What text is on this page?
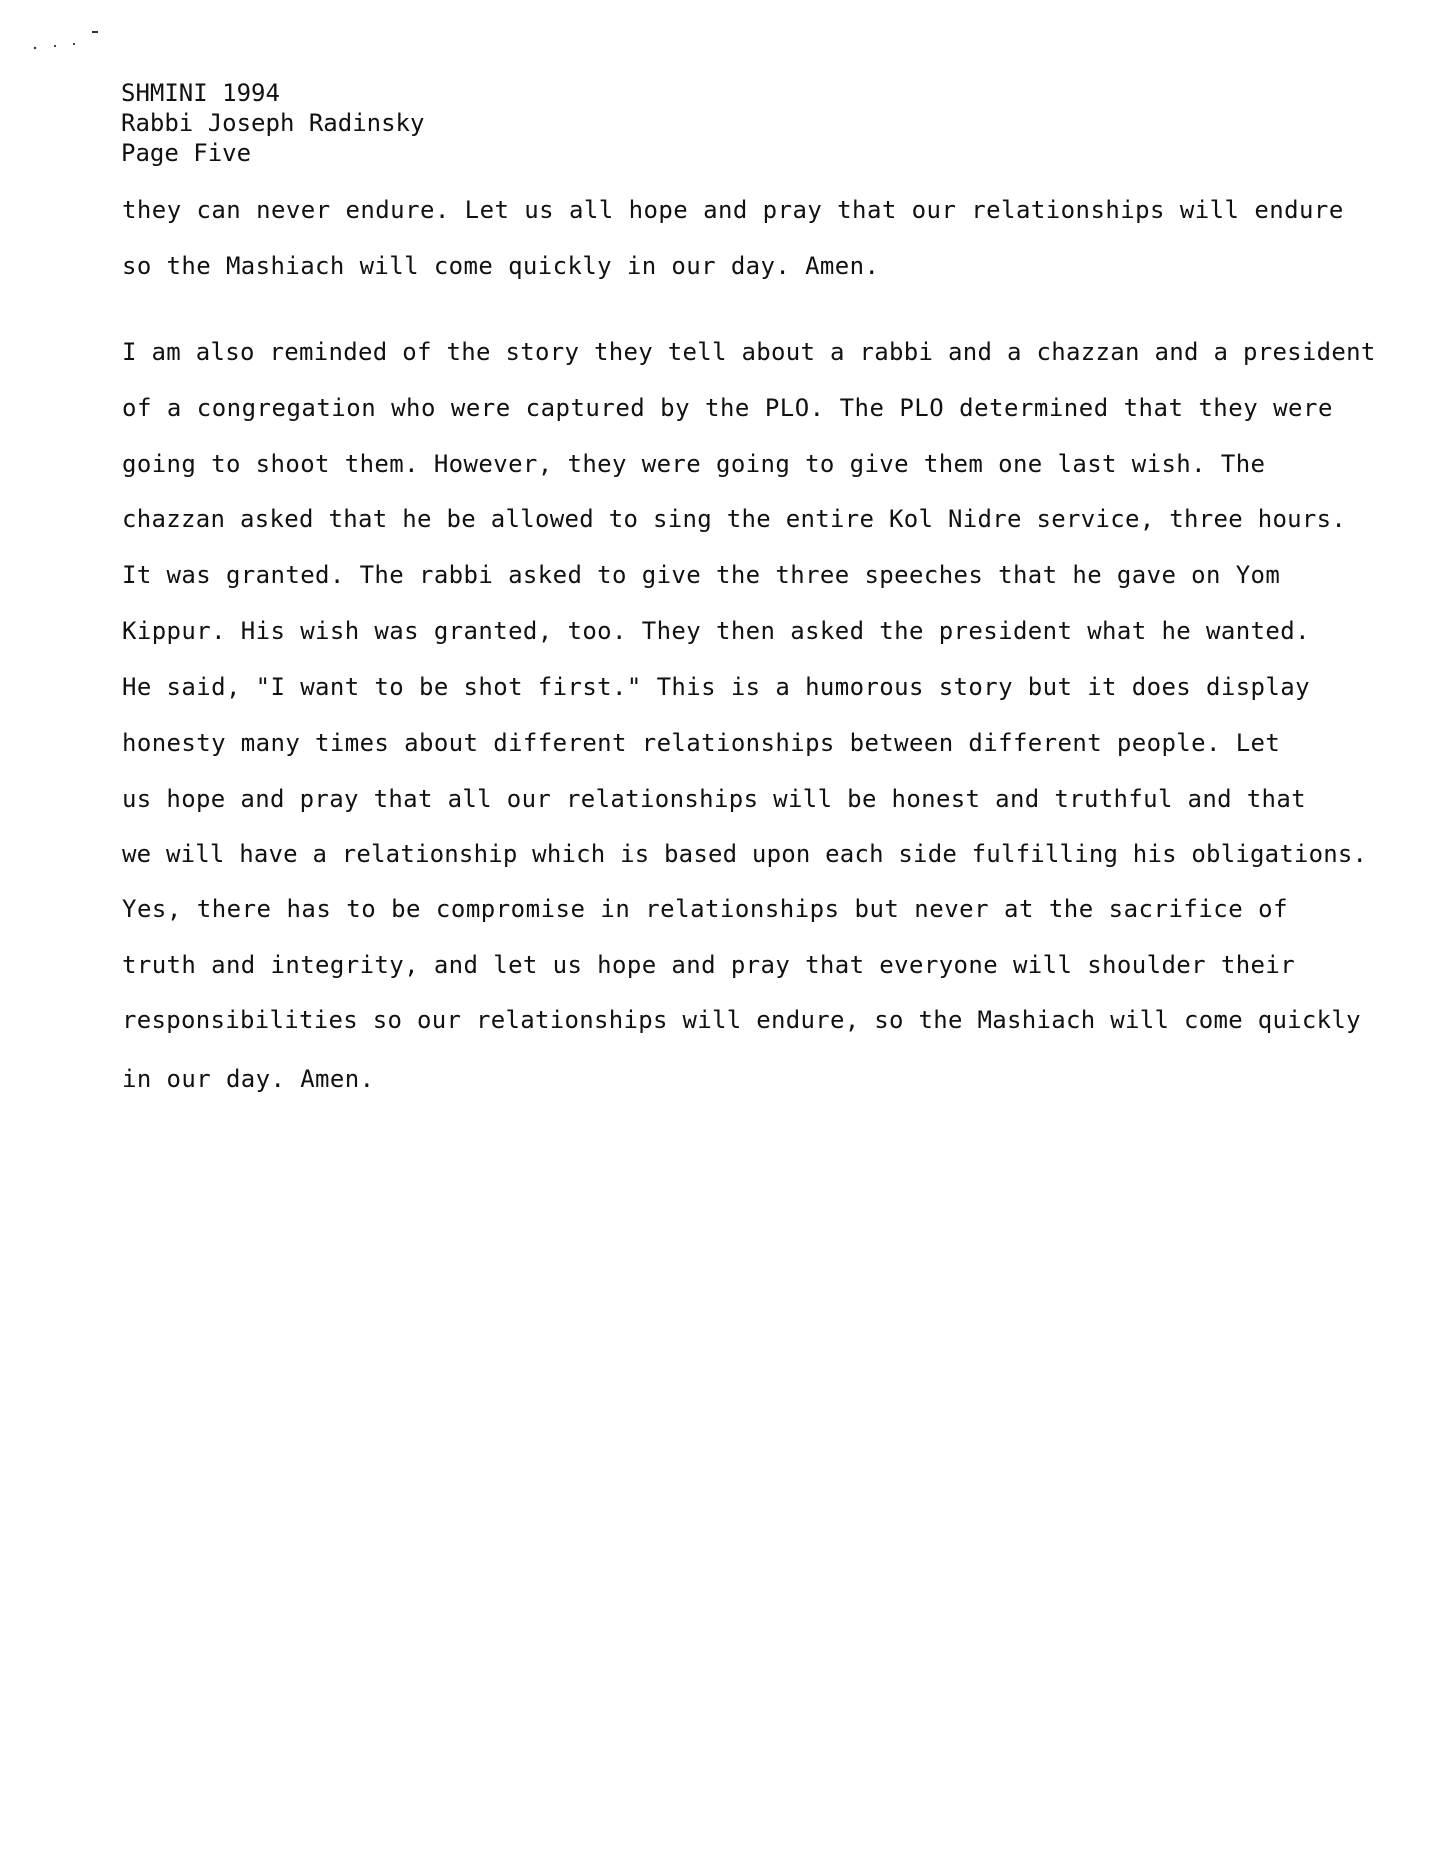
SHMINI 1994
Rabbi Joseph Radinsky
Page Five
they can never endure. Let us all hope and pray that our relationships will endure
so the Mashiach will come quickly in our day. Amen.
I am also reminded of the story they tell about a rabbi and a chazzan and a president
of a congregation who were captured by the PLO. The PLO determined that they were
going to shoot them. However, they were going to give them one last wish. The
chazzan asked that he be allowed to sing the entire Kol Nidre service, three hours.
It was granted. The rabbi asked to give the three speeches that he gave on Yom
Kippur. His wish was granted, too. They then asked the president what he wanted.
He said, "I want to be shot first." This is a humorous story but it does display
honesty many times about different relationships between different people. Let
us hope and pray that all our relationships will be honest and truthful and that
we will have a relationship which is based upon each side fulfilling his obligations.
Yes, there has to be compromise in relationships but never at the sacrifice of
truth and integrity, and let us hope and pray that everyone will shoulder their
responsibilities so our relationships will endure, so the Mashiach will come quickly
in our day. Amen.
